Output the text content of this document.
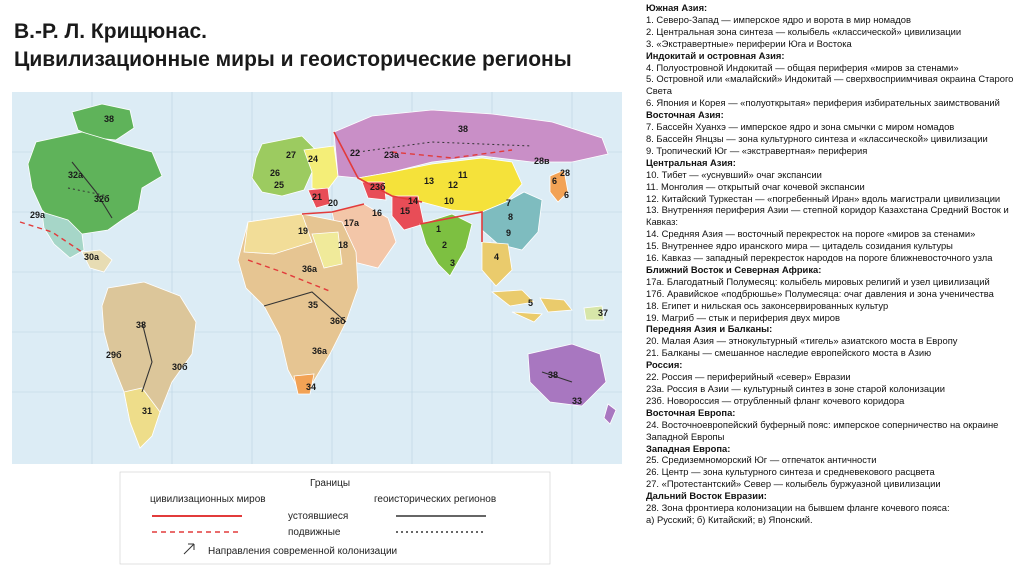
В.-Р. Л. Крищюнас.
Цивилизационные миры и геоисторические регионы
38
32а
32б
29а
30а
27
26
24
25
21
20
22	23а
23б
17а
16 15
14
13 12
11
10	7
8
9
1
2
3
4
5
6
28в
28
6
19
18
36а
35
36б
36а
34
38
29б
30б
31
38
33
37
38
Границы
цивилизационных миров	геоисторических регионов
устоявшиеся
подвижные
Направления современной колонизации
Южная Азия:
1. Северо-Запад — имперское ядро и ворота в мир номадов
2. Центральная зона синтеза — колыбель «классической» цивилизации
3. «Экстравертные» периферии Юга и Востока
Индокитай и островная Азия:
4. Полуостровной Индокитай — общая периферия «миров за стенами»
5. Островной или «малайский» Индокитай — сверхвосприимчивая окраина Старого Света
6. Япония и Корея — «полуоткрытая» периферия избирательных заимствований
Восточная Азия:
7. Бассейн Хуанхэ — имперское ядро и зона смычки с миром номадов
8. Бассейн Янцзы — зона культурного синтеза и «классической» цивилизации
9. Тропический Юг — «экстравертная» периферия
Центральная Азия:
10. Тибет — «уснувший» очаг экспансии
11. Монголия — открытый очаг кочевой экспансии
12. Китайский Туркестан — «погребенный Иран» вдоль магистрали цивилизации
13. Внутренняя периферия Азии — степной коридор Казахстана Средний Восток и Кавказ:
14. Средняя Азия — восточный перекресток на пороге «миров за стенами»
15. Внутреннее ядро иранского мира — цитадель созидания культуры
16. Кавказ — западный перекресток народов на пороге ближневосточного узла
Ближний Восток и Северная Африка:
17а. Благодатный Полумесяц: колыбель мировых религий и узел цивилизаций
17б. Аравийское «подбрюшье» Полумесяца: очаг давления и зона ученичества
18. Египет и нильская ось законсервированных культур
19. Магриб — стык и периферия двух миров
Передняя Азия и Балканы:
20. Малая Азия — этнокультурный «тигель» азиатского моста в Европу
21. Балканы — смешанное наследие европейского моста в Азию
Россия:
22. Россия — периферийный «север» Евразии
23а. Россия в Азии — культурный синтез в зоне старой колонизации
23б. Новороссия — отрубленный фланг кочевого коридора
Восточная Европа:
24. Восточноевропейский буферный пояс: имперское соперничество на окраине Западной Европы
Западная Европа:
25. Средиземноморский Юг — отпечаток античности
26. Центр — зона культурного синтеза и средневекового расцвета
27. «Протестантский» Север — колыбель буржуазной цивилизации
Дальний Восток Евразии:
28. Зона фронтиера колонизации на бывшем фланге кочевого пояса:
а) Русский; б) Китайский; в) Японский.
